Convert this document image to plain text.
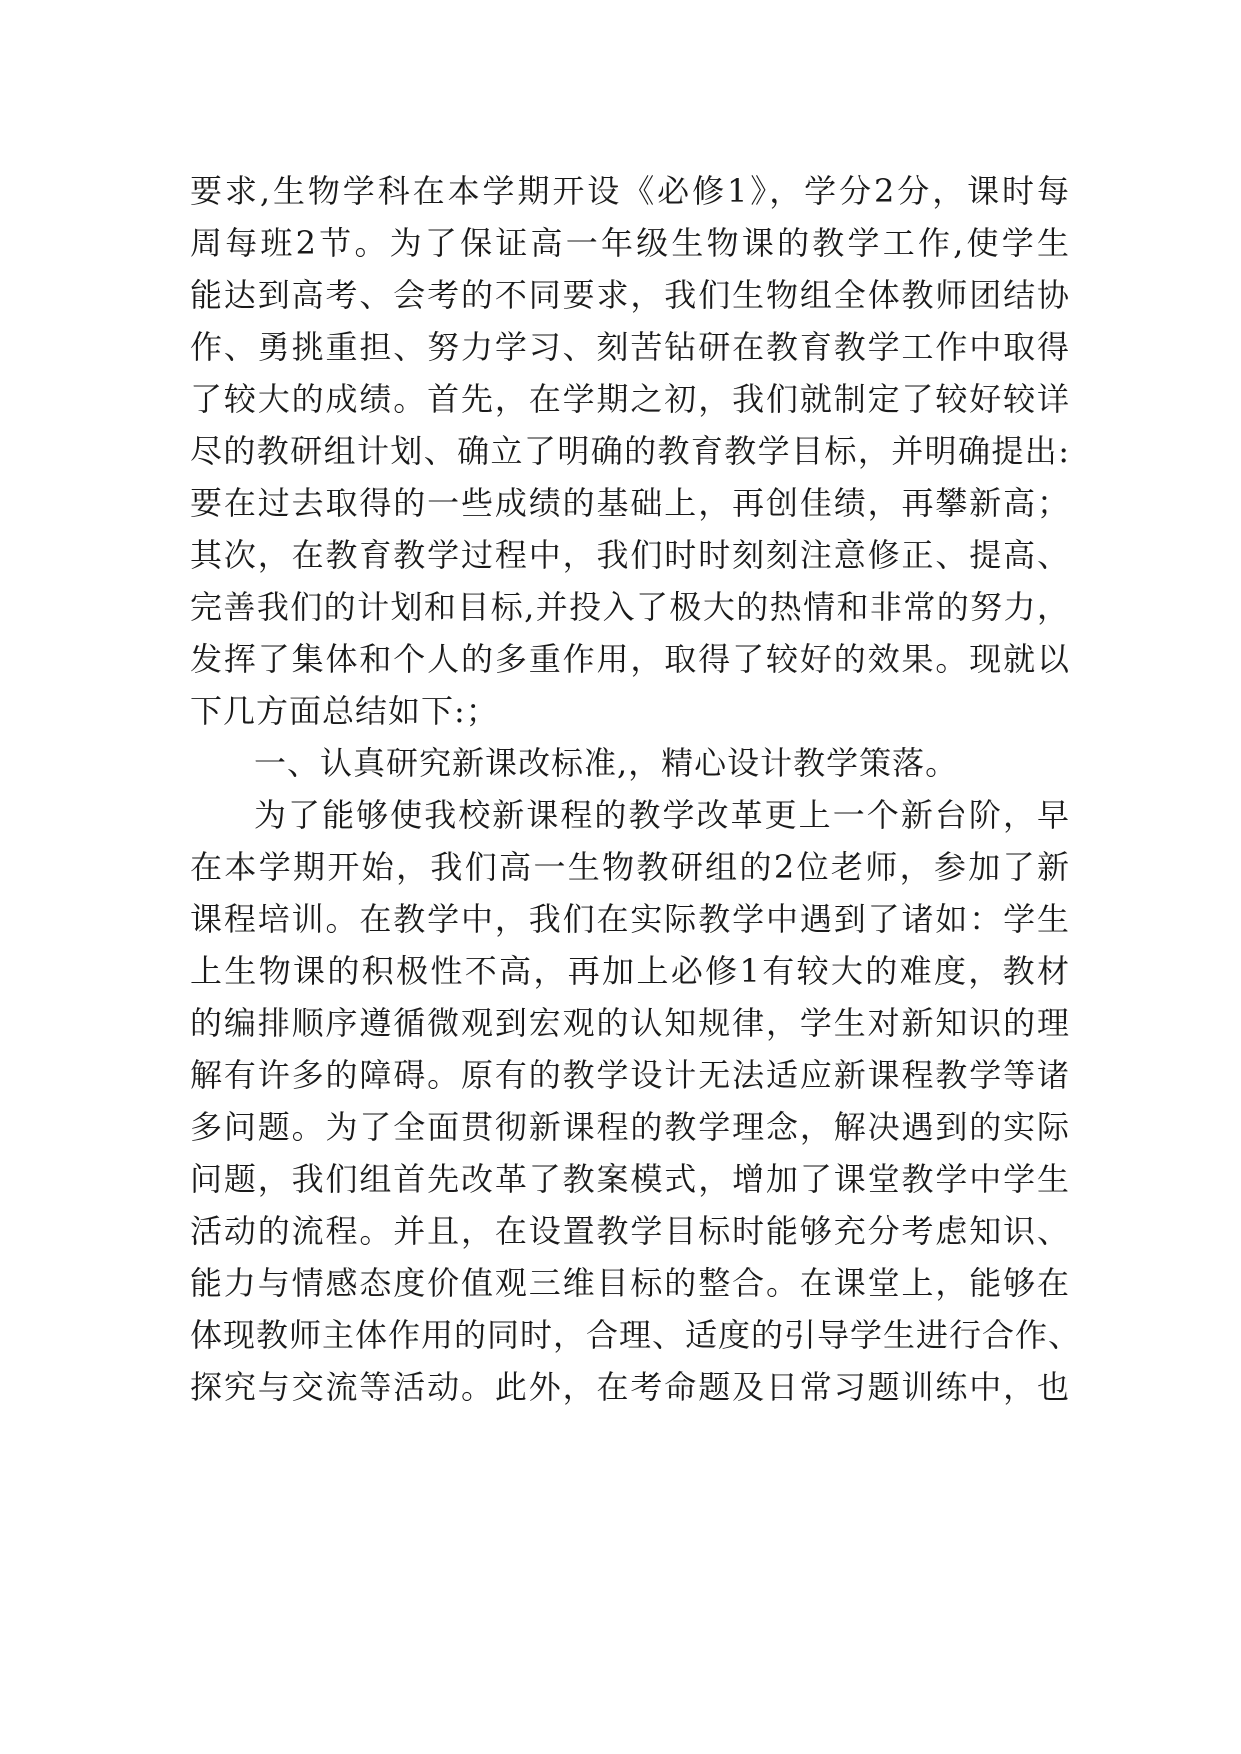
要求,生物学科在本学期开设《必修1》，学分2分，课时每
周每班2节。为了保证高一年级生物课的教学工作,使学生
能达到高考、会考的不同要求，我们生物组全体教师团结协
作、勇挑重担、努力学习、刻苦钻研在教育教学工作中取得
了较大的成绩。首先，在学期之初，我们就制定了较好较详
尽的教研组计划、确立了明确的教育教学目标，并明确提出:
要在过去取得的一些成绩的基础上，再创佳绩，再攀新高；
其次，在教育教学过程中，我们时时刻刻注意修正、提高、
完善我们的计划和目标,并投入了极大的热情和非常的努力，
发挥了集体和个人的多重作用，取得了较好的效果。现就以
下几方面总结如下:；
一、认真研究新课改标准,，精心设计教学策落。
为了能够使我校新课程的教学改革更上一个新台阶，早
在本学期开始，我们高一生物教研组的2位老师，参加了新
课程培训。在教学中，我们在实际教学中遇到了诸如：学生
上生物课的积极性不高，再加上必修1有较大的难度，教材
的编排顺序遵循微观到宏观的认知规律，学生对新知识的理
解有许多的障碍。原有的教学设计无法适应新课程教学等诸
多问题。为了全面贯彻新课程的教学理念，解决遇到的实际
问题，我们组首先改革了教案模式，增加了课堂教学中学生
活动的流程。并且，在设置教学目标时能够充分考虑知识、
能力与情感态度价值观三维目标的整合。在课堂上，能够在
体现教师主体作用的同时，合理、适度的引导学生进行合作、
探究与交流等活动。此外，在考命题及日常习题训练中，也
